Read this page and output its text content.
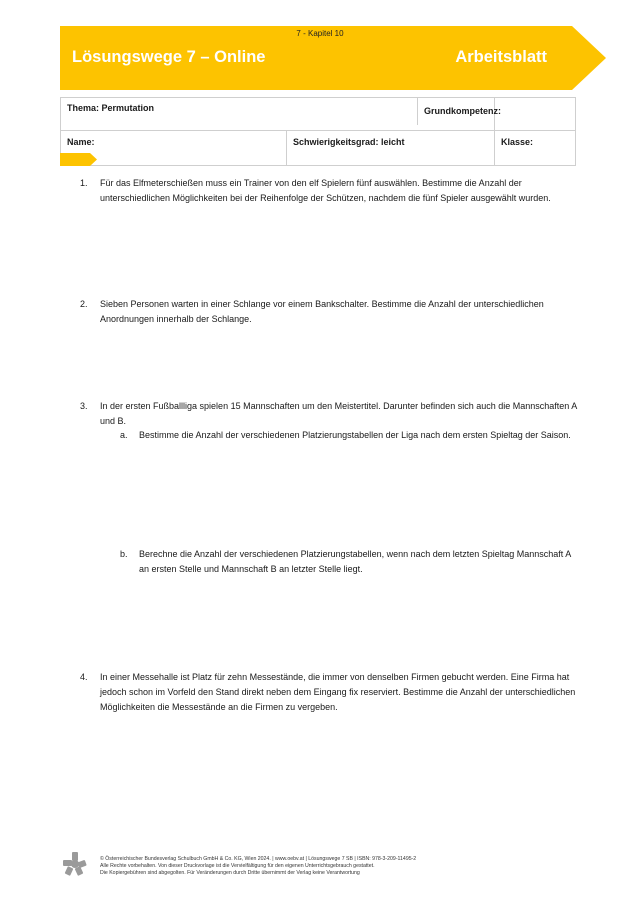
7 - Kapitel 10
Lösungswege 7 – Online	Arbeitsblatt
Thema: Permutation		
Name:	Schwierigkeitsgrad: leicht	Klasse:
Grundkompetenz:
1. Für das Elfmeterschießen muss ein Trainer von den elf Spielern fünf auswählen. Bestimme die Anzahl der unterschiedlichen Möglichkeiten bei der Reihenfolge der Schützen, nachdem die fünf Spieler ausgewählt wurden.
2. Sieben Personen warten in einer Schlange vor einem Bankschalter. Bestimme die Anzahl der unterschiedlichen Anordnungen innerhalb der Schlange.
3. In der ersten Fußballliga spielen 15 Mannschaften um den Meistertitel. Darunter befinden sich auch die Mannschaften A und B.
a. Bestimme die Anzahl der verschiedenen Platzierungstabellen der Liga nach dem ersten Spieltag der Saison.
b. Berechne die Anzahl der verschiedenen Platzierungstabellen, wenn nach dem letzten Spieltag Mannschaft A an ersten Stelle und Mannschaft B an letzter Stelle liegt.
4. In einer Messehalle ist Platz für zehn Messestände, die immer von denselben Firmen gebucht werden. Eine Firma hat jedoch schon im Vorfeld den Stand direkt neben dem Eingang fix reserviert. Bestimme die Anzahl der unterschiedlichen Möglichkeiten die Messestände an die Firmen zu vergeben.
© Österreichischer Bundesverlag Schulbuch GmbH & Co. KG, Wien 2024. | www.oebv.at | Lösungswege 7 SB | ISBN: 978-3-209-11495-2
Alle Rechte vorbehalten. Von dieser Druckvorlage ist die Vervielfältigung für den eigenen Unterrichtsgebrauch gestattet.
Die Kopiergebühren sind abgegolten. Für Veränderungen durch Dritte übernimmt der Verlag keine Verantwortung
